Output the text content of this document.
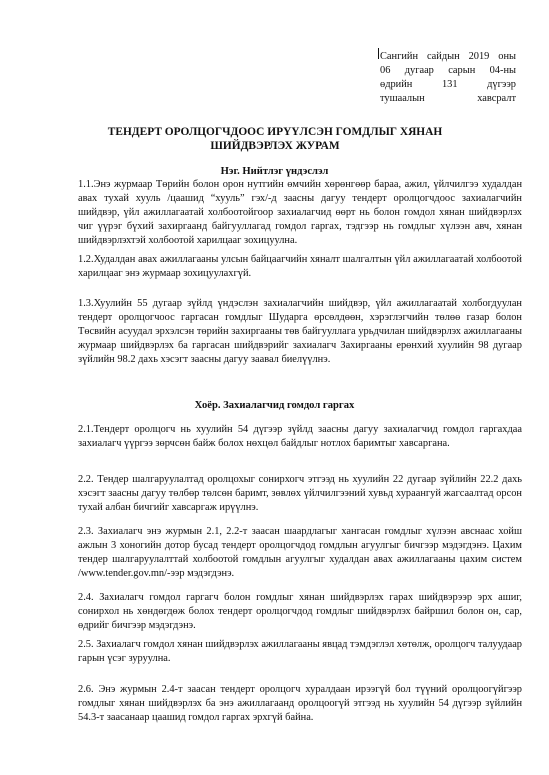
Сангийн сайдын 2019 оны
06 дугаар сарын 04-ны
өдрийн 131 дүгээр
тушаалын хавсралт
ТЕНДЕРТ ОРОЛЦОГЧДООС ИРҮҮЛСЭН ГОМДЛЫГ ХЯНАН
ШИЙДВЭРЛЭХ ЖУРАМ
Нэг. Нийтлэг үндэслэл

1.1.Энэ журмаар Төрийн болон орон нутгийн өмчийн хөрөнгөөр бараа, ажил, үйлчилгээ худалдан авах тухай хууль /цаашид “хууль” гэх/-д заасны дагуу тендерт оролцогчдоос захиалагчийн шийдвэр, үйл ажиллагаатай холбоотойгоор захиалагчид өөрт нь болон гомдол хянан шийдвэрлэх чиг үүрэг бүхий захиргаанд байгууллагад гомдол гаргах, тэдгээр нь гомдлыг хүлээн авч, хянан шийдвэрлэхтэй холбоотой харилцааг зохицуулна.

1.2.Худалдан авах ажиллагааны улсын байцаагчийн хяналт шалгалтын үйл ажиллагаатай холбоотой харилцааг энэ журмаар зохицуулахгүй.

1.3.Хуулийн 55 дугаар зүйлд үндэслэн захиалагчийн шийдвэр, үйл ажиллагаатай холбогдуулан тендерт оролцогчоос гаргасан гомдлыг Шударга өрсөлдөөн, хэрэглэгчийн төлөө газар болон Төсвийн асуудал эрхэлсэн төрийн захиргааны төв байгууллага урьдчилан шийдвэрлэх ажиллагааны журмаар шийдвэрлэх ба гаргасан шийдвэрийг захиалагч Захиргааны ерөнхий хуулийн 98 дугаар зүйлийн 98.2 дахь хэсэгт заасны дагуу заавал биелүүлнэ.

Хоёр. Захиалагчид гомдол гаргах

2.1.Тендерт оролцогч нь хуулийн 54 дүгээр зүйлд заасны дагуу захиалагчид гомдол гаргахдаа захиалагч үүргээ зөрчсөн байж болох нөхцөл байдлыг нотлох баримтыг хавсаргана.

2.2. Тендер шалгаруулалтад оролцохыг сонирхогч этгээд нь хуулийн 22 дугаар зүйлийн 22.2 дахь хэсэгт заасны дагуу төлбөр төлсөн баримт, зөвлөх үйлчилгээний хувьд хураангуй жагсаалтад орсон тухай албан бичгийг хавсаргаж ирүүлнэ.

2.3. Захиалагч энэ журмын 2.1, 2.2-т заасан шаардлагыг хангасан гомдлыг хүлээн авснаас хойш ажлын 3 хоногийн дотор бусад тендерт оролцогчдод гомдлын агуулгыг бичгээр мэдэгдэнэ. Цахим тендер шалгаруулалттай холбоотой гомдлын агуулгыг худалдан авах ажиллагааны цахим систем /www.tender.gov.mn/-ээр мэдэгдэнэ.

2.4. Захиалагч гомдол гаргагч болон гомдлыг хянан шийдвэрлэх гарах шийдвэрээр эрх ашиг, сонирхол нь хөндөгдөж болох тендерт оролцогчдод гомдлыг шийдвэрлэх байршил болон он, сар, өдрийг бичгээр мэдэгдэнэ.

2.5. Захиалагч гомдол хянан шийдвэрлэх ажиллагааны явцад тэмдэглэл хөтөлж, оролцогч талуудаар гарын үсэг зуруулна.

2.6. Энэ журмын 2.4-т заасан тендерт оролцогч хуралдаан ирээгүй бол түүний оролцоогүйгээр гомдлыг хянан шийдвэрлэх ба энэ ажиллагаанд оролцоогүй этгээд нь хуулийн 54 дүгээр зүйлийн 54.3-т заасанаар цаашид гомдол гаргах эрхгүй байна.
